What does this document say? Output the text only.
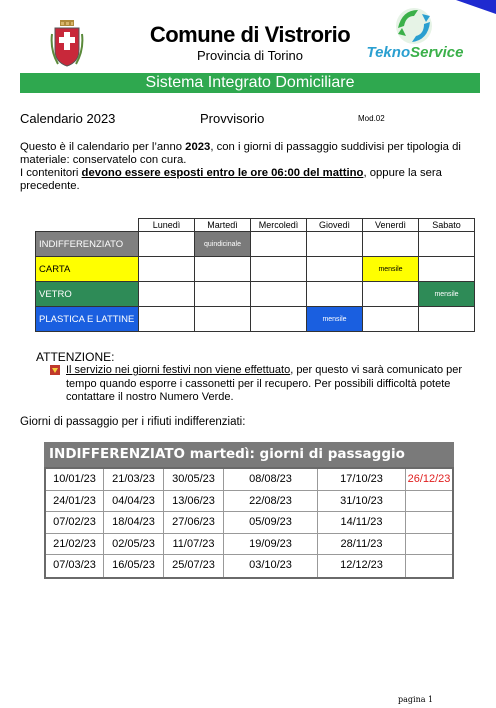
Comune di Vistrorio
Provincia di Torino	TeknoService
Sistema Integrato Domiciliare
Calendario 2023	Provvisorio	Mod.02
Questo è il calendario per l’anno 2023, con i giorni di passaggio suddivisi per tipologia di materiale: conservatelo con cura.
I contenitori devono essere esposti entro le ore 06:00 del mattino, oppure la sera precedente.
	Lunedì	Martedì	Mercoledì	Giovedì	Venerdì	Sabato
INDIFFERENZIATO		quindicinale				
CARTA					mensile	
VETRO						mensile
PLASTICA E LATTINE				mensile		
ATTENZIONE:
Il servizio nei giorni festivi non viene effettuato, per questo vi sarà comunicato per tempo quando esporre i cassonetti per il recupero. Per possibili difficoltà potete contattare il nostro Numero Verde.
Giorni di passaggio per i rifiuti indifferenziati:
INDIFFERENZIATO martedì: giorni di passaggio
10/01/23	21/03/23	30/05/23	08/08/23	17/10/23	26/12/23
24/01/23	04/04/23	13/06/23	22/08/23	31/10/23
07/02/23	18/04/23	27/06/23	05/09/23	14/11/23
21/02/23	02/05/23	11/07/23	19/09/23	28/11/23
07/03/23	16/05/23	25/07/23	03/10/23	12/12/23
pagina 1
